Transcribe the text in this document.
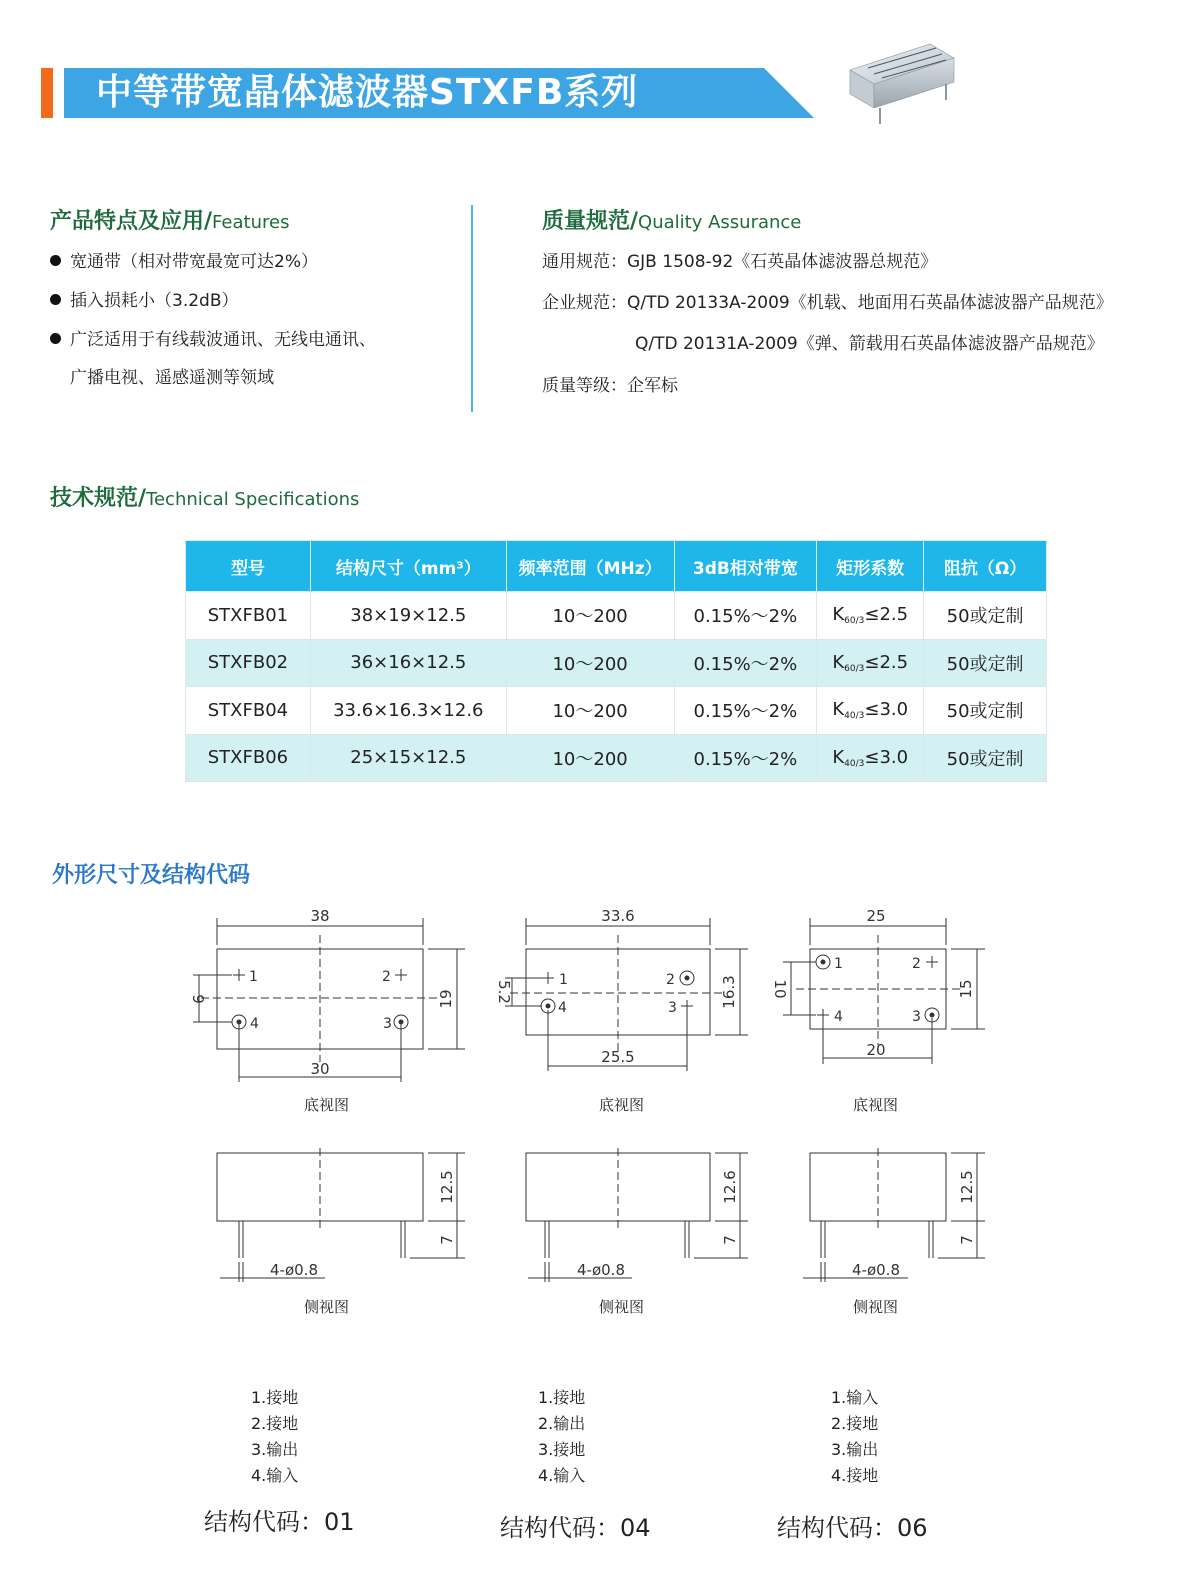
中等带宽晶体滤波器STXFB系列
产品特点及应用/Features
宽通带（相对带宽最宽可达2%）
插入损耗小（3.2dB）
广泛适用于有线载波通讯、无线电通讯、
广播电视、遥感遥测等领域
质量规范/Quality Assurance
通用规范：GJB 1508-92《石英晶体滤波器总规范》
企业规范：Q/TD 20133A-2009《机载、地面用石英晶体滤波器产品规范》
Q/TD 20131A-2009《弹、箭载用石英晶体滤波器产品规范》
质量等级：企军标
技术规范/Technical Specifications
型号	结构尺寸（mm³）	频率范围（MHz）	3dB相对带宽	矩形系数	阻抗（Ω）
STXFB01	38×19×12.5	10～200	0.15%～2%	$K_{60/3}\le 2.5$	50或定制
STXFB02	36×16×12.5	10～200	0.15%～2%	$K_{60/3}\le 2.5$	50或定制
STXFB04	33.6×16.3×12.6	10～200	0.15%～2%	$K_{40/3}\le 3.0$	50或定制
STXFB06	25×15×12.5	10～200	0.15%～2%	$K_{40/3}\le 3.0$	50或定制
外形尺寸及结构代码
38
30
19
9
1	2
3
4
12.5
7
4-ø0.8
33.6
25.5
16.3
5.2
1	2
3
4
12.6
7
4-ø0.8
25
20
15
10
1	2
3
4
12.5
7
4-ø0.8
底视图	底视图	底视图
侧视图	侧视图	侧视图
1.接地
2.接地
3.输出
4.输入
1.接地
2.输出
3.接地
4.输入
1.输入
2.接地
3.输出
4.接地
结构代码：01	结构代码：04	结构代码：06
